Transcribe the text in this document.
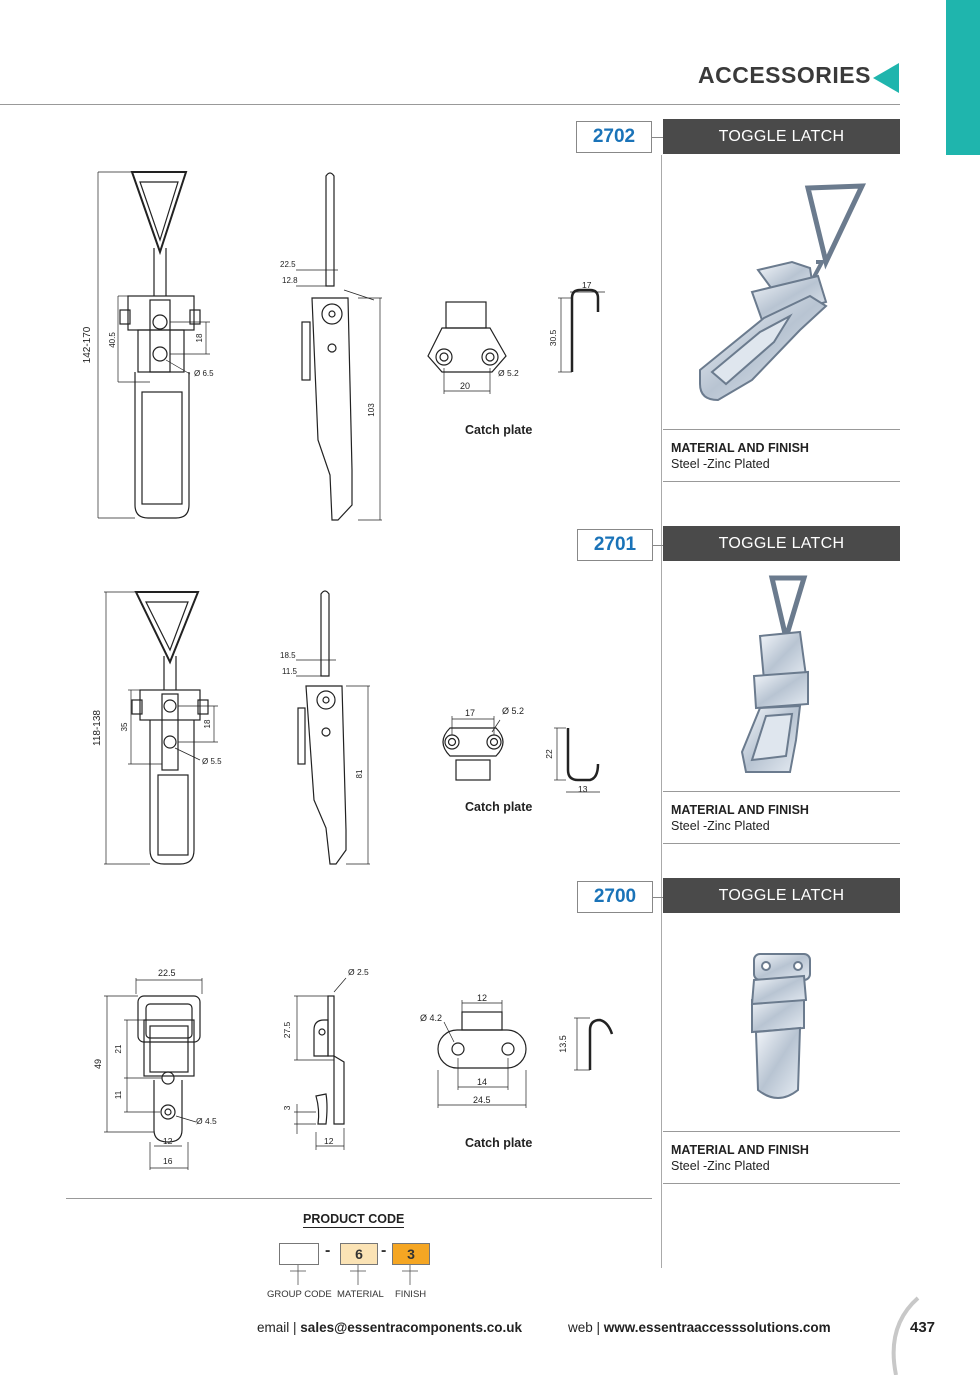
ACCESSORIES
2702	TOGGLE LATCH
2701	TOGGLE LATCH
2700	TOGGLE LATCH
MATERIAL AND FINISH
Steel -Zinc Plated
MATERIAL AND FINISH
Steel -Zinc Plated
MATERIAL AND FINISH
Steel -Zinc Plated
Catch plate
Catch plate
Catch plate
142-170 40.5	18
Ø 6.5
22.5
12.8
103
20
Ø 5.2
17
30.5
118-138 35	18
Ø 5.5
18.5
11.5
81
17	Ø 5.2
22
13
22.5
49
21
11
Ø 4.5
12
16
Ø 2.5
27.5
3
12
12
Ø 4.2
14
24.5
13.5
PRODUCT CODE
-	6	-	3
GROUP CODE MATERIAL FINISH
email | sales@essentracomponents.co.uk	web | www.essentraaccesssolutions.com	437
